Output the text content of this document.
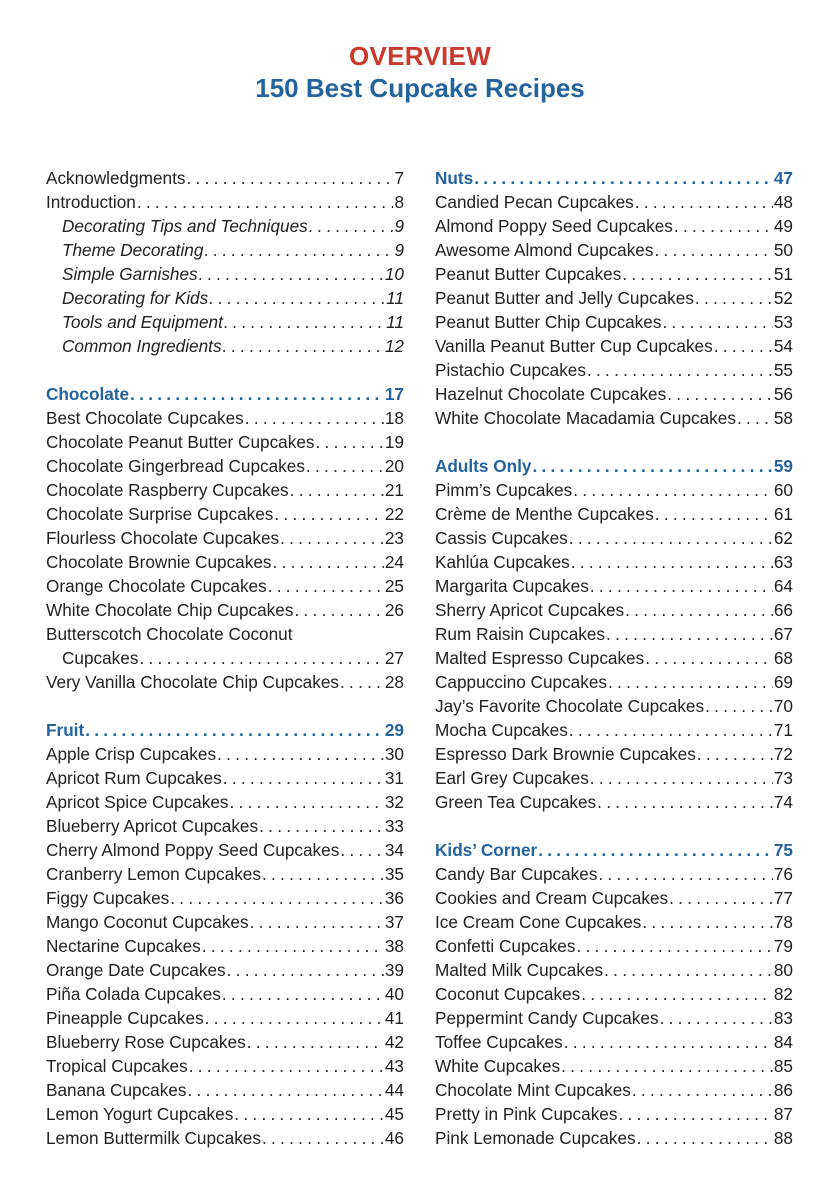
OVERVIEW
150 Best Cupcake Recipes
Acknowledgments . . .	7
Introduction . . .	8
Decorating Tips and Techniques . . .	9
Theme Decorating . . .	9
Simple Garnishes . . .	10
Decorating for Kids . . .	11
Tools and Equipment . . .	11
Common Ingredients . . .	12
Chocolate . . .	17
Best Chocolate Cupcakes . . .	18
Chocolate Peanut Butter Cupcakes . . .	19
Chocolate Gingerbread Cupcakes . . .	20
Chocolate Raspberry Cupcakes . . .	21
Chocolate Surprise Cupcakes . . .	22
Flourless Chocolate Cupcakes . . .	23
Chocolate Brownie Cupcakes . . .	24
Orange Chocolate Cupcakes . . .	25
White Chocolate Chip Cupcakes . . .	26
Butterscotch Chocolate Coconut
Cupcakes . . .	27
Very Vanilla Chocolate Chip Cupcakes . . .	28
Fruit . . .	29
Apple Crisp Cupcakes . . .	30
Apricot Rum Cupcakes . . .	31
Apricot Spice Cupcakes . . .	32
Blueberry Apricot Cupcakes . . .	33
Cherry Almond Poppy Seed Cupcakes . . .	34
Cranberry Lemon Cupcakes . . .	35
Figgy Cupcakes . . .	36
Mango Coconut Cupcakes . . .	37
Nectarine Cupcakes . . .	38
Orange Date Cupcakes . . .	39
Piña Colada Cupcakes . . .	40
Pineapple Cupcakes . . .	41
Blueberry Rose Cupcakes . . .	42
Tropical Cupcakes . . .	43
Banana Cupcakes . . .	44
Lemon Yogurt Cupcakes . . .	45
Lemon Buttermilk Cupcakes . . .	46
Nuts . . .	47
Candied Pecan Cupcakes . . .	48
Almond Poppy Seed Cupcakes . . .	49
Awesome Almond Cupcakes . . .	50
Peanut Butter Cupcakes . . .	51
Peanut Butter and Jelly Cupcakes . . .	52
Peanut Butter Chip Cupcakes . . .	53
Vanilla Peanut Butter Cup Cupcakes . . .	54
Pistachio Cupcakes . . .	55
Hazelnut Chocolate Cupcakes . . .	56
White Chocolate Macadamia Cupcakes . . . 58
Adults Only . . .	59
Pimm’s Cupcakes . . .	60
Crème de Menthe Cupcakes . . .	61
Cassis Cupcakes . . .	62
Kahlúa Cupcakes . . .	63
Margarita Cupcakes . . .	64
Sherry Apricot Cupcakes . . .	66
Rum Raisin Cupcakes . . .	67
Malted Espresso Cupcakes . . .	68
Cappuccino Cupcakes . . .	69
Jay’s Favorite Chocolate Cupcakes . . .	70
Mocha Cupcakes . . .	71
Espresso Dark Brownie Cupcakes . . .	72
Earl Grey Cupcakes . . .	73
Green Tea Cupcakes . . .	74
Kids’ Corner . . .	75
Candy Bar Cupcakes . . .	76
Cookies and Cream Cupcakes . . .	77
Ice Cream Cone Cupcakes . . .	78
Confetti Cupcakes . . .	79
Malted Milk Cupcakes . . .	80
Coconut Cupcakes . . .	82
Peppermint Candy Cupcakes . . .	83
Toffee Cupcakes . . .	84
White Cupcakes . . .	85
Chocolate Mint Cupcakes . . .	86
Pretty in Pink Cupcakes . . .	87
Pink Lemonade Cupcakes . . .	88
